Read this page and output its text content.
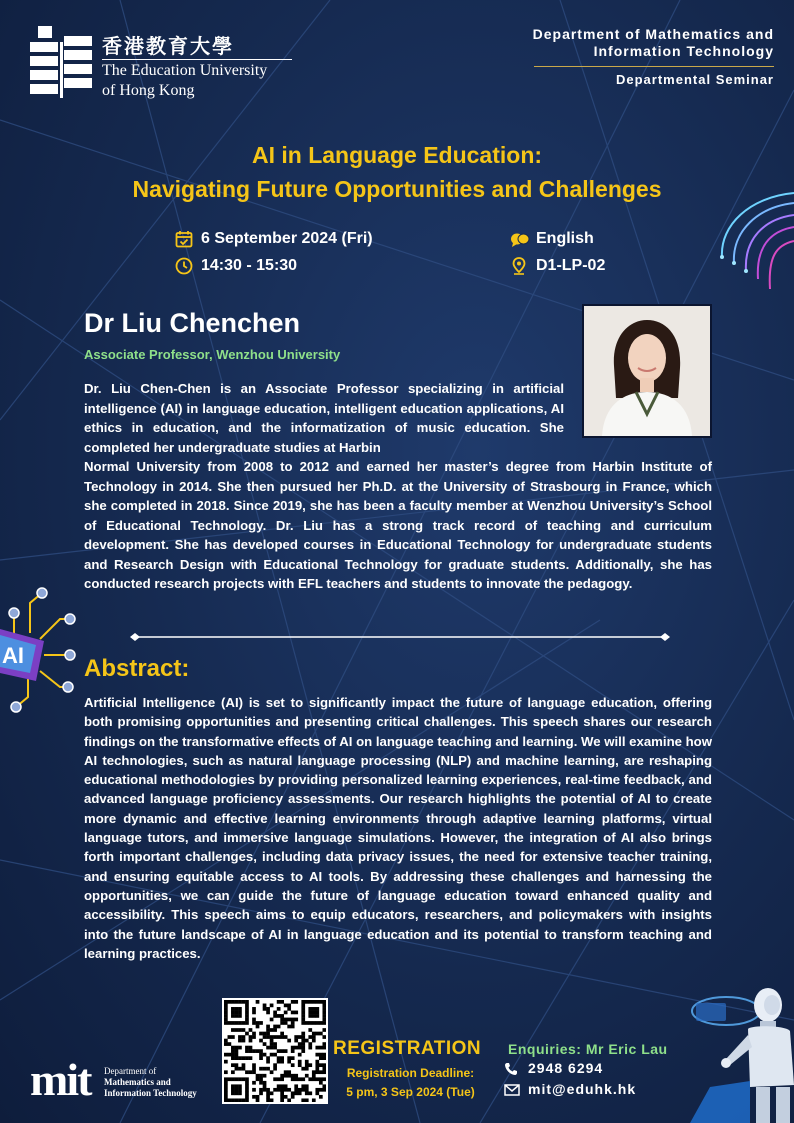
香港教育大學
The Education University
of Hong Kong
Department of Mathematics and
Information Technology
Departmental Seminar
AI in Language Education:
Navigating Future Opportunities and Challenges
6 September 2024 (Fri)
14:30 - 15:30
English
D1-LP-02
Dr Liu Chenchen
Associate Professor, Wenzhou University
Dr. Liu Chen-Chen is an Associate Professor specializing in artificial intelligence (AI) in language education, intelligent education applications, AI ethics in education, and the informatization of music education. She completed her undergraduate studies at Harbin
Normal University from 2008 to 2012 and earned her master’s degree from Harbin Institute of Technology in 2014. She then pursued her Ph.D. at the University of Strasbourg in France, which she completed in 2018. Since 2019, she has been a faculty member at Wenzhou University’s School of Educational Technology. Dr. Liu has a strong track record of teaching and curriculum development. She has developed courses in Educational Technology for undergraduate students and Research Design with Educational Technology for graduate students. Additionally, she has conducted research projects with EFL teachers and students to innovate the pedagogy.
AI	Abstract:
Artificial Intelligence (AI) is set to significantly impact the future of language education, offering both promising opportunities and presenting critical challenges. This speech shares our research findings on the transformative effects of AI on language teaching and learning. We will examine how AI technologies, such as natural language processing (NLP) and machine learning, are reshaping educational methodologies by providing personalized learning experiences, real-time feedback, and advanced language proficiency assessments. Our research highlights the potential of AI to create more dynamic and effective learning environments through adaptive learning platforms, virtual language tutors, and immersive language simulations. However, the integration of AI also brings forth important challenges, including data privacy issues, the need for extensive teacher training, and ensuring equitable access to AI tools. By addressing these challenges and harnessing the opportunities, we can guide the future of language education toward enhanced quality and accessibility. This speech aims to equip educators, researchers, and policymakers with insights into the future landscape of AI in language education and its potential to transform teaching and learning practices.
mit Department of
Mathematics and
Information Technology
REGISTRATION
Registration Deadline:
5 pm, 3 Sep 2024 (Tue)
Enquiries: Mr Eric Lau
2948 6294
mit@eduhk.hk
